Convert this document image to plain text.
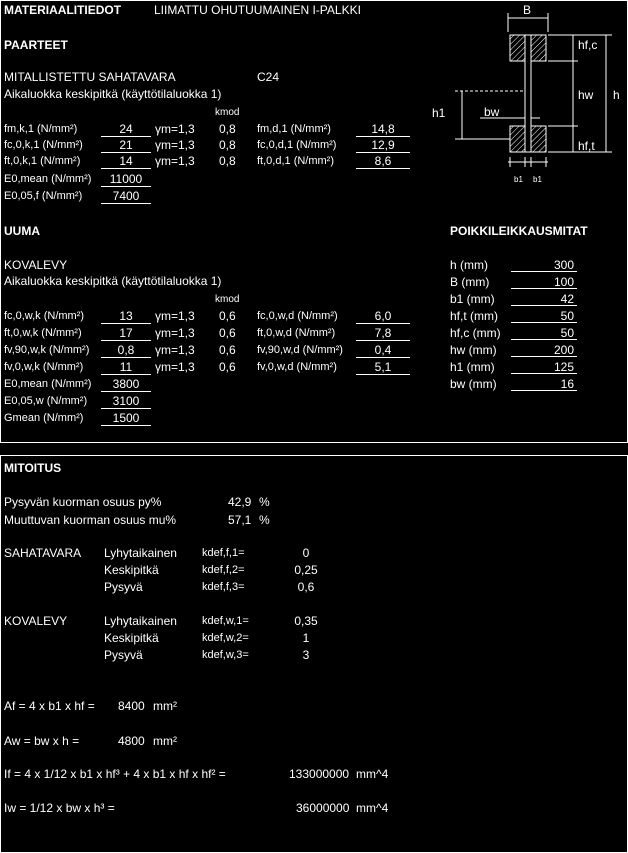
MATERIAALITIEDOT	LIIMATTU OHUTUUMAINEN I-PALKKI
PAARTEET
MITALLISTETTU SAHATAVARA	C24
Aikaluokka keskipitkä (käyttötilaluokka 1)
kmod
fm,k,1 (N/mm²)	24	γm=1,3 0,8 fm,d,1 (N/mm²)	14,8
fc,0,k,1 (N/mm²)	21	γm=1,3 0,8 fc,0,d,1 (N/mm²)	12,9
ft,0,k,1 (N/mm²)	14	γm=1,3 0,8 ft,0,d,1 (N/mm²)	8,6
E0,mean (N/mm²)	11000
E0,05,f (N/mm²)	7400
UUMA
KOVALEVY
Aikaluokka keskipitkä (käyttötilaluokka 1)
kmod
POIKKILEIKKAUSMITAT
B
hf,c
hw h
h1	bw
hf,t
b1 b1
fc,0,w,k (N/mm²)	13	γm=1,3 0,6 fc,0,w,d (N/mm²)	6,0
ft,0,w,k (N/mm²)	17	γm=1,3 0,6 ft,0,w,d (N/mm²)	7,8
fv,90,w,k (N/mm²)	0,8	γm=1,3 0,6 fv,90,w,d (N/mm²)	0,4
fv,0,w,k (N/mm²)	11	γm=1,3 0,6 fv,0,w,d (N/mm²)	5,1
E0,mean (N/mm²)	3800
E0,05,w (N/mm²)	3100
Gmean (N/mm²)	1500
h (mm)	300
B (mm)	100
b1 (mm)	42
hf,t (mm)	50
hf,c (mm)	50
hw (mm)	200
h1 (mm)	125
bw (mm)	16
MITOITUS
Pysyvän kuorman osuus py%	42,9 %
Muuttuvan kuorman osuus mu%	57,1 %
SAHATAVARA
KOVALEVY
Lyhytaikainen kdef,f,1=	0
Keskipitkä	kdef,f,2=	0,25
Pysyvä	kdef,f,3=	0,6
Lyhytaikainen kdef,w,1=	0,35
Keskipitkä	kdef,w,2=	1
Pysyvä	kdef,w,3=	3
Af = 4 x b1 x hf = 8400 mm²
Aw = bw x h =	4800 mm²
If = 4 x 1/12 x b1 x hf³ + 4 x b1 x hf x hf² =	133000000 mm^4
Iw = 1/12 x bw x h³ =	36000000 mm^4
